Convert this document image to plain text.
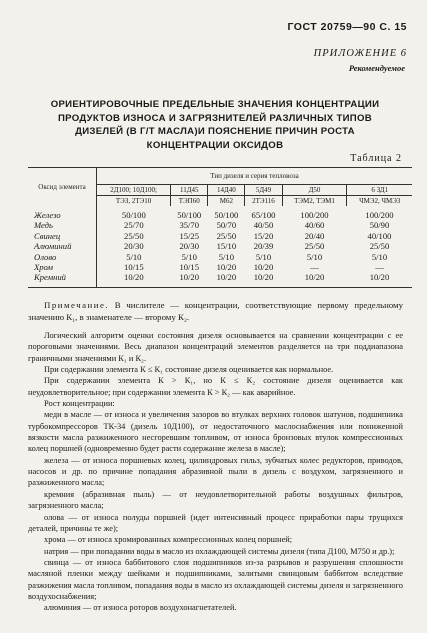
ГОСТ 20759—90 С. 15
ПРИЛОЖЕНИЕ 6
Рекомендуемое
ОРИЕНТИРОВОЧНЫЕ ПРЕДЕЛЬНЫЕ ЗНАЧЕНИЯ КОНЦЕНТРАЦИИ
ПРОДУКТОВ ИЗНОСА И ЗАГРЯЗНИТЕЛЕЙ РАЗЛИЧНЫХ ТИПОВ
ДИЗЕЛЕЙ (В Г/Т МАСЛА)И ПОЯСНЕНИЕ ПРИЧИН РОСТА
КОНЦЕНТРАЦИИ ОКСИДОВ
Таблица 2
Оксид элемента	Тип дизеля и серия тепловоза					
	2Д100; 10Д100;	11Д45	14Д40	5Д49	Д50	6 ЗД1
	ТЭЗ, 2ТЭ10	ТЭП60	М62	2ТЭ116	ТЭМ2, ТЭМ1	ЧМЭ2, ЧМЭ3
Железо	50/100	50/100	50/100	65/100	100/200	100/200
Медь	25/70	35/70	50/70	40/50	40/60	50/90
Свинец	25/50	15/25	25/50	15/20	20/40	40/100
Алюминий	20/30	20/30	15/10	20/39	25/50	25/50
Олово	5/10	5/10	5/10	5/10	5/10	5/10
Хром	10/15	10/15	10/20	10/20	—	—
Кремний	10/20	10/20	10/20	10/20	10/20	10/20
Примечание. В числителе — концентрации, соответствующие первому предельному значению К₁, в знаменателе — второму К₂.

Логический алгоритм оценки состояния дизеля основывается на сравнении концентрации с ее пороговыми значениями. Весь диапазон концентраций элементов разделяется на три поддиапазона граничными значениями К₁ и К₂.

При содержании элемента К ≤ К₁ состояние дизеля оценивается как нормальное.

При содержании элемента К > К₁, но К ≤ К₂ состояние дизеля оценивается как неудовлетворительное; при содержании элемента К > К₂ — как аварийное.

Рост концентрации:

меди в масле — от износа и увеличения зазоров во втулках верхних головок шатунов, подшипника турбокомпрессоров ТК-34 (дизель 10Д100), от недостаточного маслоснабжения или пониженной вязкости масла разжиженного несгоревшим топливом, от износа бронзовых втулок компрессионных колец поршней (одновременно будет расти содержание железа в масле);

железа — от износа поршневых колец, цилиндровых гильз, зубчатых колес редукторов, приводов, насосов и др. по причине попадания абразивной пыли в дизель с воздухом, загрязненного и разжиженного масла;

кремния (абразивная пыль) — от неудовлетворительной работы воздушных фильтров, загрязненного масла;

олова — от износа полуды поршней (идет интенсивный процесс приработки пары трущихся деталей, причины те же);

хрома — от износа хромированных компрессионных колец поршней;

натрия — при попадании воды в масло из охлаждающей системы дизеля (типа Д100, М750 и др.);

свинца — от износа баббитового слоя подшипников из-за разрывов и разрушения сплошности масляной пленки между шейками и подшипниками, залитыми свинцовым баббитом вследствие разжижения масла топливом, попадания воды в масло из охлаждающей системы дизеля и загрязненного воздухоснабжения;

алюминия — от износа роторов воздухонагнетателей.
